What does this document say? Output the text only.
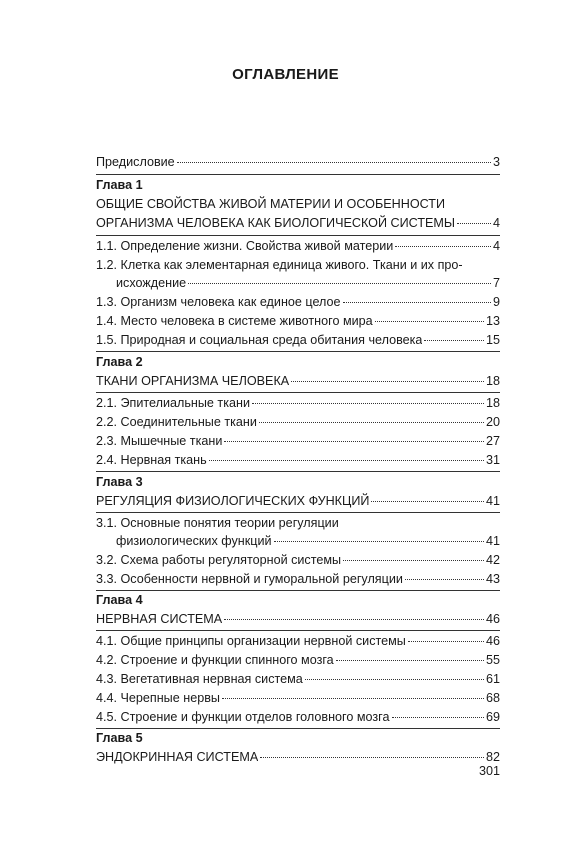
ОГЛАВЛЕНИЕ
Предисловие	3
Глава 1
ОБЩИЕ СВОЙСТВА ЖИВОЙ МАТЕРИИ И ОСОБЕННОСТИ
ОРГАНИЗМА ЧЕЛОВЕКА КАК БИОЛОГИЧЕСКОЙ СИСТЕМЫ	4
1.1. Определение жизни. Свойства живой материи	4
1.2. Клетка как элементарная единица живого. Ткани и их про-
исхождение	7
1.3. Организм человека как единое целое	9
1.4. Место человека в системе животного мира	13
1.5. Природная и социальная среда обитания человека	15
Глава 2
ТКАНИ ОРГАНИЗМА ЧЕЛОВЕКА	18
2.1. Эпителиальные ткани	18
2.2. Соединительные ткани	20
2.3. Мышечные ткани	27
2.4. Нервная ткань	31
Глава 3
РЕГУЛЯЦИЯ ФИЗИОЛОГИЧЕСКИХ ФУНКЦИЙ	41
3.1. Основные понятия теории регуляции
физиологических функций	41
3.2. Схема работы регуляторной системы	42
3.3. Особенности нервной и гуморальной регуляции	43
Глава 4
НЕРВНАЯ СИСТЕМА	46
4.1. Общие принципы организации нервной системы	46
4.2. Строение и функции спинного мозга	55
4.3. Вегетативная нервная система	61
4.4. Черепные нервы	68
4.5. Строение и функции отделов головного мозга	69
Глава 5
ЭНДОКРИННАЯ СИСТЕМА	82
301
